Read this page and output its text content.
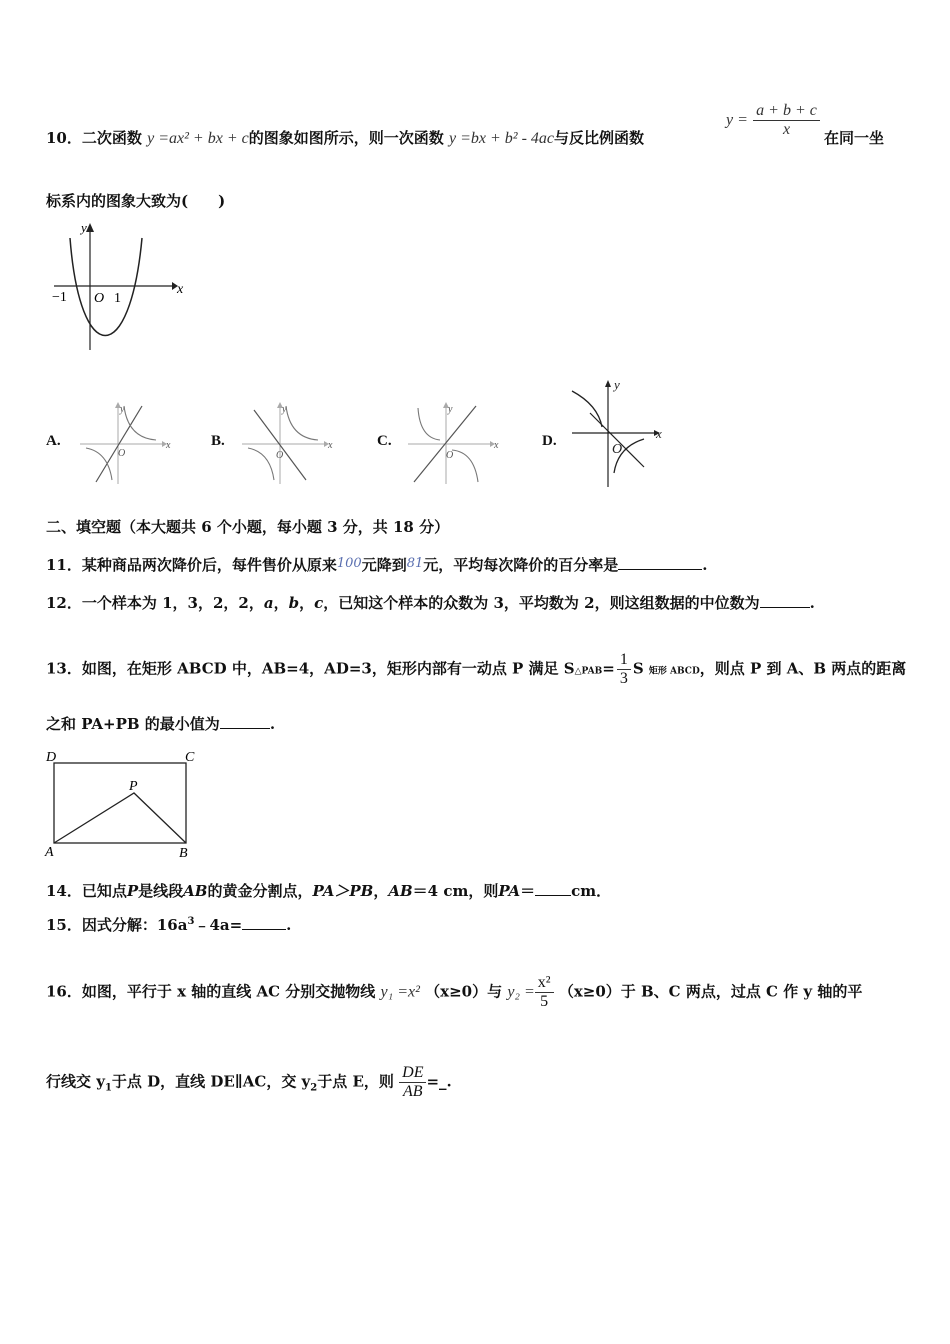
10．二次函数 y =ax² + bx + c的图象如图所示，则一次函数 y =bx + b² - 4ac与反比例函数
$y = \frac{a + b + c}{x}$ 在同一坐
标系内的图象大致为(　　)
y
x
−1 O 1
A.
O
x
y
B.
O
x
y
C.
O
x
y
D.
O
x
y
二、填空题（本大题共 6 个小题，每小题 3 分，共 18 分）
11．某种商品两次降价后，每件售价从原来100元降到81元，平均每次降价的百分率是	.
12．一个样本为 1，3，2，2，a，b，c，已知这个样本的众数为 3，平均数为 2，则这组数据的中位数为	.
13．如图，在矩形 ABCD 中，AB=4，AD=3，矩形内部有一动点 P 满足 S△PAB= $\frac{1}{3}$ S 矩形 ABCD，则点 P 到 A、B 两点的距离
之和 PA+PB 的最小值为	.
D	C
P
A	B
14．已知点P是线段AB的黄金分割点，PA＞PB，AB＝4 cm，则PA＝ cm．
15．因式分解：$16a^3﹣4a=$	.
16．如图，平行于 x 轴的直线 AC 分别交抛物线 y₁ =x² （x≥0）与 $y_2 = \frac{\text{x²}}{5} (x\ge 0)$于 B、C 两点，过点 C 作 y 轴的平
行线交 $y_1$于点 D，直线 DE∥AC，交 $y_2$于点 E，则 $\frac{DE}{AB}$ =_.
